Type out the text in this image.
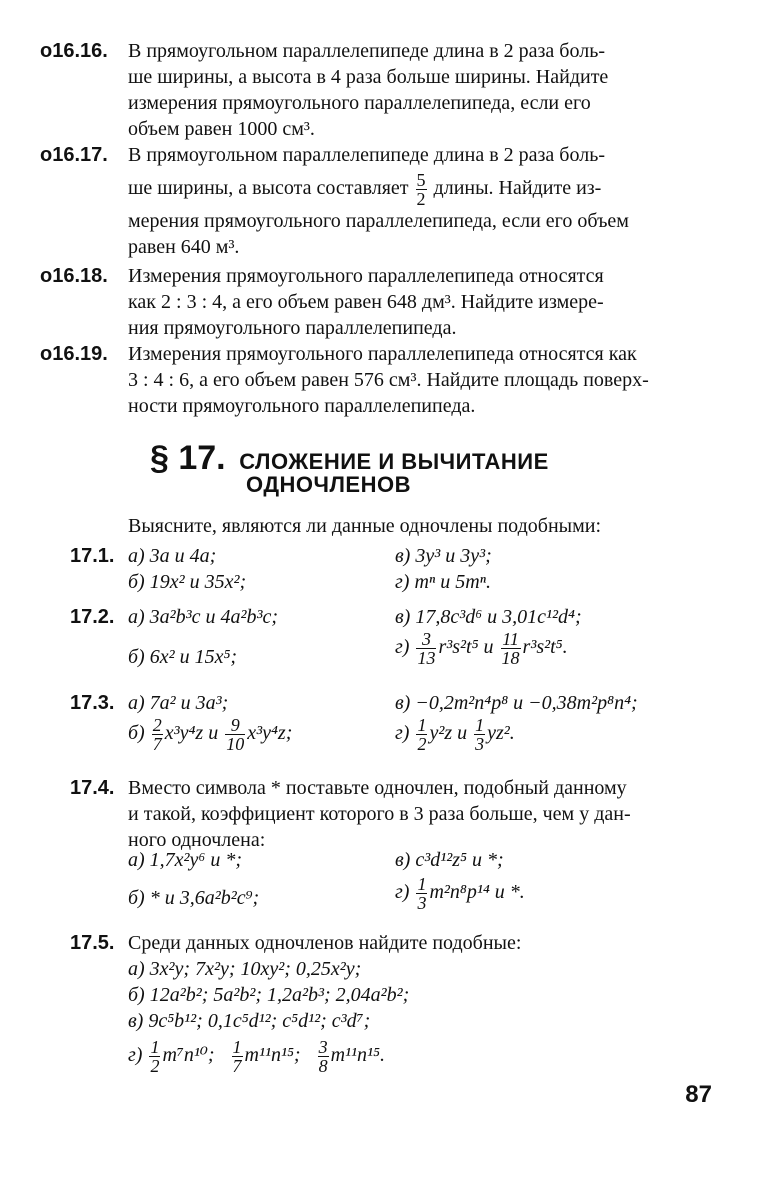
о16.16. В прямоугольном параллелепипеде длина в 2 раза боль-
ше ширины, а высота в 4 раза больше ширины. Найдите
измерения прямоугольного параллелепипеда, если его
объем равен 1000 см³.
о16.17. В прямоугольном параллелепипеде длина в 2 раза боль-
ше ширины, а высота составляет $\frac{5}{2}$ длины. Найдите из-
мерения прямоугольного параллелепипеда, если его объем
равен 640 м³.
о16.18. Измерения прямоугольного параллелепипеда относятся
как 2 : 3 : 4, а его объем равен 648 дм³. Найдите измере-
ния прямоугольного параллелепипеда.
о16.19. Измерения прямоугольного параллелепипеда относятся как
3 : 4 : 6, а его объем равен 576 см³. Найдите площадь поверх-
ности прямоугольного параллелепипеда.
§ 17. СЛОЖЕНИЕ И ВЫЧИТАНИЕ
ОДНОЧЛЕНОВ
Выясните, являются ли данные одночлены подобными:
17.1. а) 3a и 4a;	в) 3y³ и 3y³;
б) 19x² и 35x²;	г) mⁿ и 5mⁿ.
17.2. а) 3a²b³c и 4a²b³c;	в) 17,8c³d⁶ и 3,01c¹²d⁴;
б) 6x² и 15x⁵;	$г) \frac{3}{13} r^3s^2t^5$ и $\frac{11}{18} r^3s^2t^5$.
17.3. а) 7a² и 3a³;	в) −0,2m²n⁴p⁸ и −0,38m²p⁸n⁴;
$б) \frac{2}{7} x^3y^4z$ и $\frac{9}{10} x^3y^4z$;	$г) \frac{1}{2} y^2z$ и $\frac{1}{3} yz^2$.
17.4. Вместо символа * поставьте одночлен, подобный данному
и такой, коэффициент которого в 3 раза больше, чем у дан-
ного одночлена:
а) 1,7x²y⁶ и *;	в) c³d¹²z⁵ и *;
б) * и 3,6a²b²c⁹;	$г) \frac{1}{3} m^2n^8p^{14}$ и *.
17.5. Среди данных одночленов найдите подобные:
а) 3x²y; 7x²y; 10xy²; 0,25x²y;
б) 12a²b²; 5a²b²; 1,2a²b³; 2,04a²b²;
в) 9c⁵b¹²; 0,1c⁵d¹²; c⁵d¹²; c³d⁷;
$г) \frac{1}{2} m^7n^{10}$; $\frac{1}{7} m^{11}n^{15}$; $\frac{3}{8} m^{11}n^{15}$.
87
